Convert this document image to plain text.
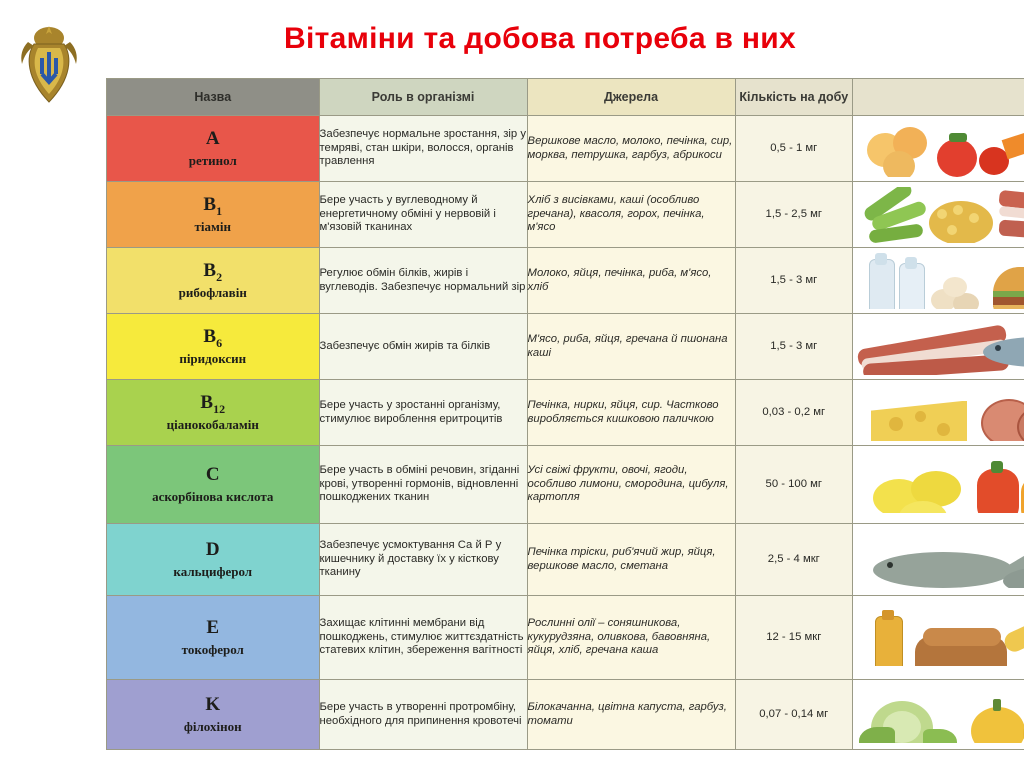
Вітаміни та добова потреба в них
Назва	Роль в організмі	Джерела	Кількість на добу	

A
ретинол	Забезпечує нормальне зростання, зір у темряві, стан шкіри, волосся, органів травлення	Вершкове масло, молоко, печінка, сир, морква, петрушка, гарбуз, абрикоси	0,5 - 1 мг	

$B_1$
тіамін	Бере участь у вуглеводному й енергетичному обміні у нервовій і м'язовій тканинах	Хліб з висівками, каші (особливо гречана), квасоля, горох, печінка, м'ясо	1,5 - 2,5 мг	

$B_2$
рибофлавін	Регулює обмін білків, жирів і вуглеводів. Забезпечує нормальний зір	Молоко, яйця, печінка, риба, м'ясо, хліб	1,5 - 3 мг	

$B_6$
піридоксин	Забезпечує обмін жирів та білків	М'ясо, риба, яйця, гречана й пшонана каші	1,5 - 3 мг	

$B_{12}$
ціанокобаламін	Бере участь у зростанні організму, стимулює вироблення еритроцитів	Печінка, нирки, яйця, сир. Частково виробляється кишковою паличкою	0,03 - 0,2 мг	

C
аскорбінова кислота	Бере участь в обміні речовин, згіданні крові, утворенні гормонів, відновленні пошкоджених тканин	Усі свіжі фрукти, овочі, ягоди, особливо лимони, смородина, цибуля, картопля	50 - 100 мг	

D
кальциферол	Забезпечує усмоктування Са й Р у кишечнику й доставку їх у кісткову тканину	Печінка тріски, риб'ячий жир, яйця, вершкове масло, сметана	2,5 - 4 мкг	

E
токоферол	Захищає клітинні мембрани від пошкоджень, стимулює життєздатність статевих клітин, збереження вагітності	Рослинні олії – соняшникова, кукурудзяна, оливкова, бавовняна, яйця, хліб, гречана каша	12 - 15 мкг	

K
філохінон	Бере участь в утворенні протромбіну, необхідного для припинення кровотечі	Білокачанна, цвітна капуста, гарбуз, томати	0,07 - 0,14 мг	
